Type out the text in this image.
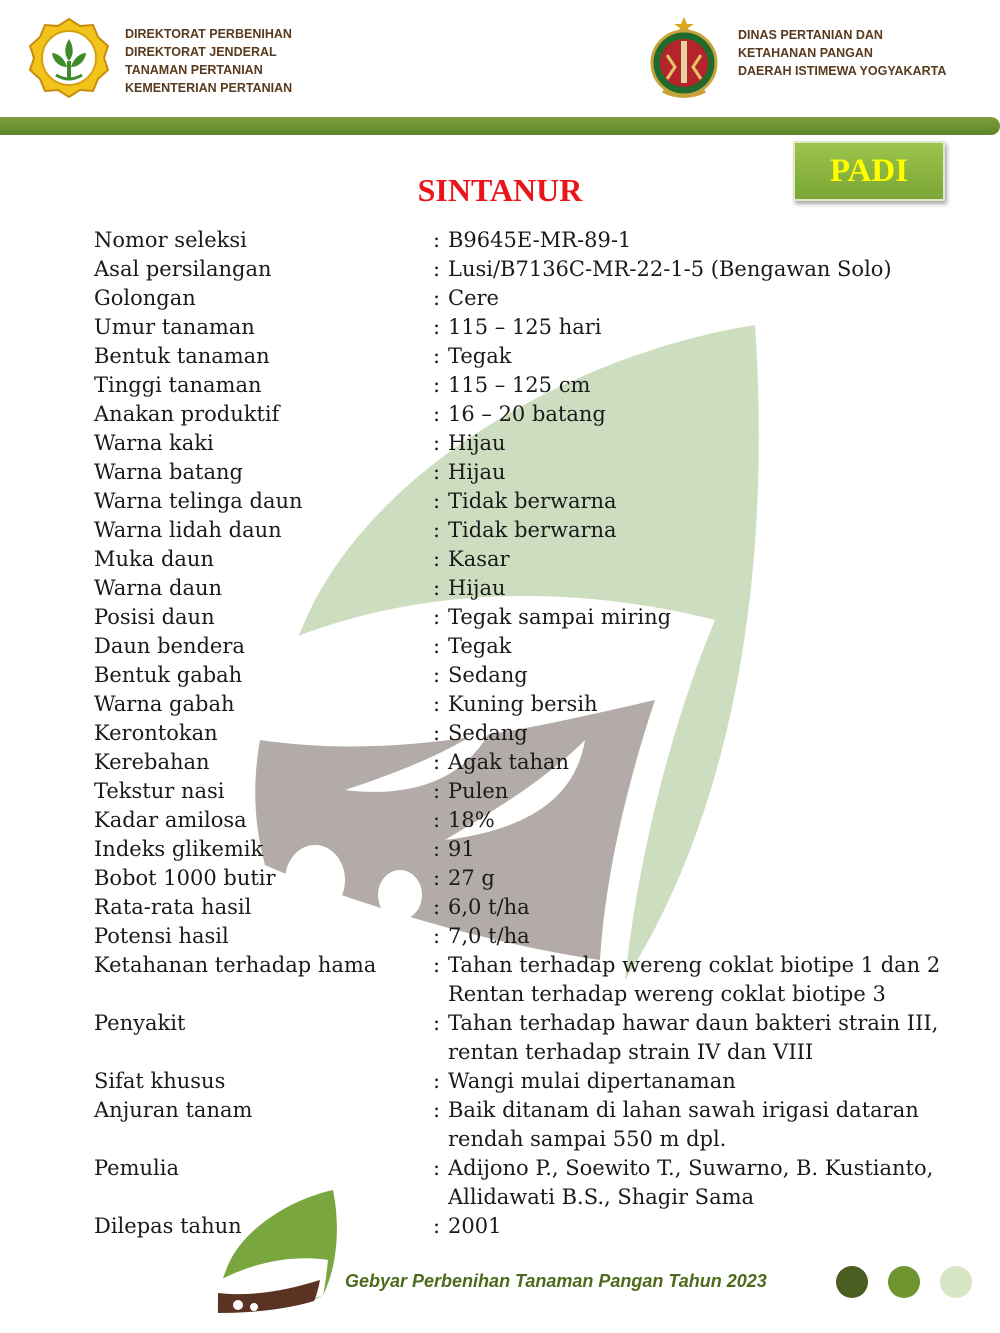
DIREKTORAT PERBENIHAN
DIREKTORAT JENDERAL
TANAMAN PERTANIAN
KEMENTERIAN PERTANIAN
DINAS PERTANIAN DAN
KETAHANAN PANGAN
DAERAH ISTIMEWA YOGYAKARTA
PADI
SINTANUR
Nomor seleksi	: B9645E-MR-89-1
Asal persilangan	: Lusi/B7136C-MR-22-1-5 (Bengawan Solo)
Golongan	: Cere
Umur tanaman	: 115 – 125 hari
Bentuk tanaman	: Tegak
Tinggi tanaman	: 115 – 125 cm
Anakan produktif	: 16 – 20 batang
Warna kaki	: Hijau
Warna batang	: Hijau
Warna telinga daun	: Tidak berwarna
Warna lidah daun	: Tidak berwarna
Muka daun	: Kasar
Warna daun	: Hijau
Posisi daun	: Tegak sampai miring
Daun bendera	: Tegak
Bentuk gabah	: Sedang
Warna gabah	: Kuning bersih
Kerontokan	: Sedang
Kerebahan	: Agak tahan
Tekstur nasi	: Pulen
Kadar amilosa	: 18%
Indeks glikemik	: 91
Bobot 1000 butir	: 27 g
Rata-rata hasil	: 6,0 t/ha
Potensi hasil	: 7,0 t/ha
Ketahanan terhadap hama	: Tahan terhadap wereng coklat biotipe 1 dan 2
Rentan terhadap wereng coklat biotipe 3
Penyakit	: Tahan terhadap hawar daun bakteri strain III,
rentan terhadap strain IV dan VIII
Sifat khusus	: Wangi mulai dipertanaman
Anjuran tanam	: Baik ditanam di lahan sawah irigasi dataran
rendah sampai 550 m dpl.
Pemulia	: Adijono P., Soewito T., Suwarno, B. Kustianto,
Allidawati B.S., Shagir Sama
Dilepas tahun	: 2001
Gebyar Perbenihan Tanaman Pangan Tahun 2023
